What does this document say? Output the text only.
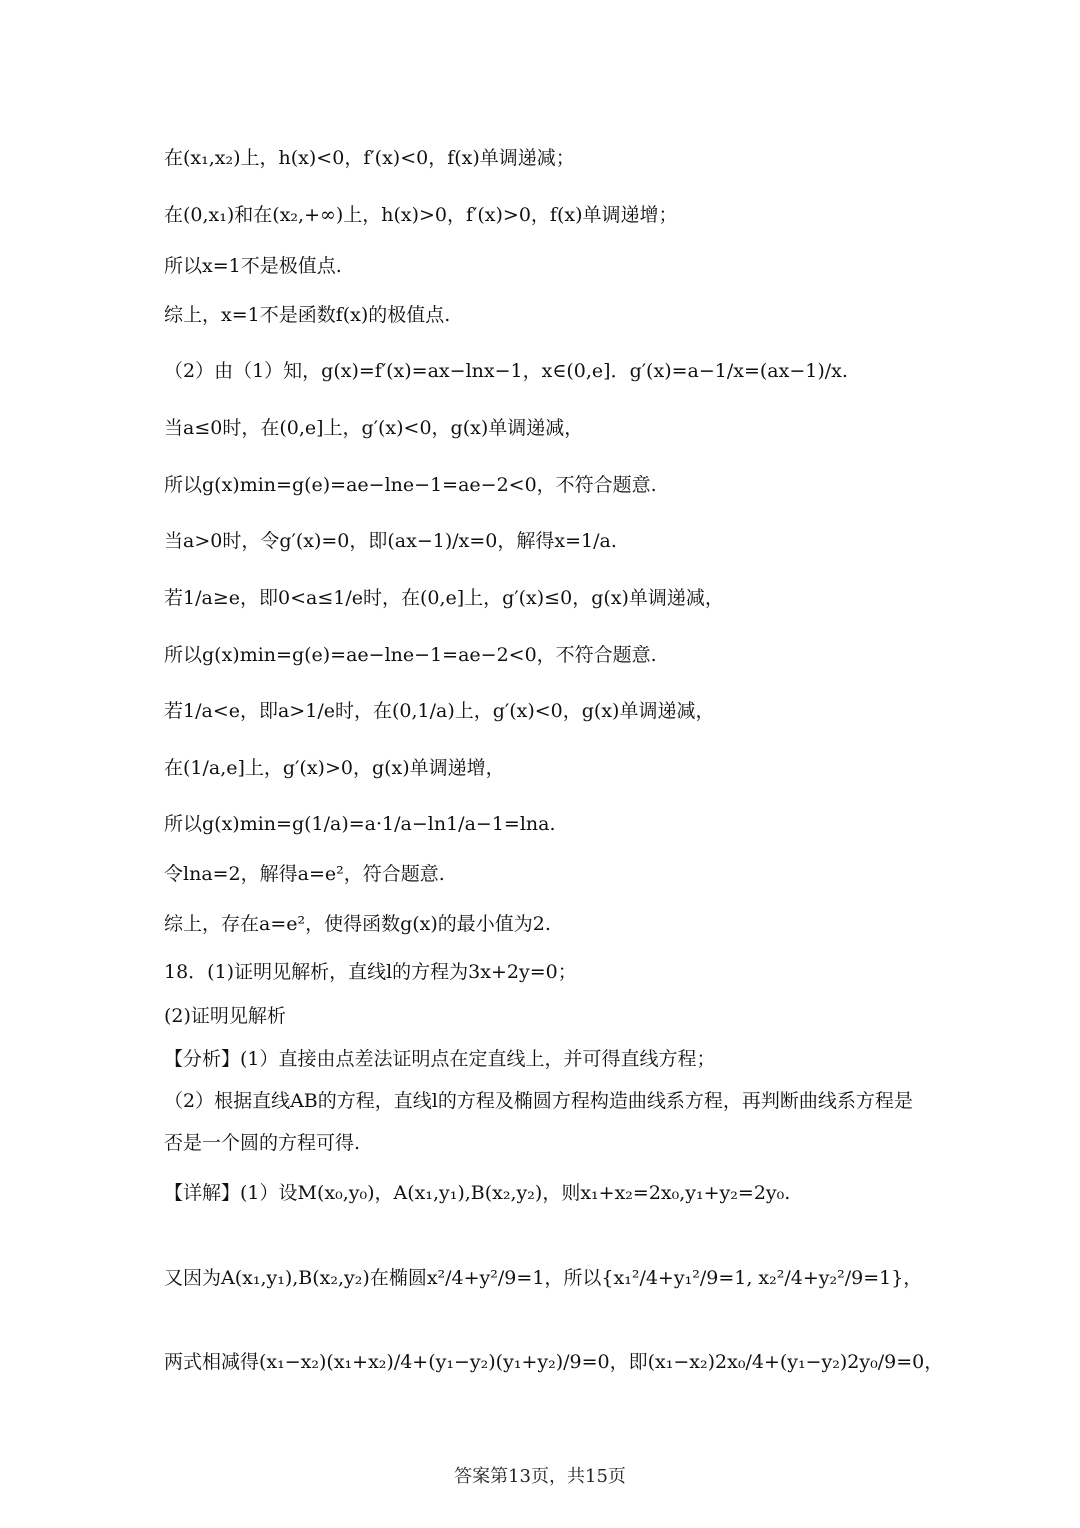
在(x₁,x₂)上，h(x)<0，f′(x)<0，f(x)单调递减；
在(0,x₁)和在(x₂,+∞)上，h(x)>0，f′(x)>0，f(x)单调递增；
所以x=1不是极值点.
综上，x=1不是函数f(x)的极值点.
（2）由（1）知，g(x)=f′(x)=ax−lnx−1，x∈(0,e]．g′(x)=a−1/x=(ax−1)/x.
当a≤0时，在(0,e]上，g′(x)<0，g(x)单调递减，
所以g(x)min=g(e)=ae−lne−1=ae−2<0，不符合题意.
当a>0时，令g′(x)=0，即(ax−1)/x=0，解得x=1/a.
若1/a≥e，即0<a≤1/e时，在(0,e]上，g′(x)≤0，g(x)单调递减，
所以g(x)min=g(e)=ae−lne−1=ae−2<0，不符合题意.
若1/a<e，即a>1/e时，在(0,1/a)上，g′(x)<0，g(x)单调递减，
在(1/a,e]上，g′(x)>0，g(x)单调递增，
所以g(x)min=g(1/a)=a·1/a−ln1/a−1=lna.
令lna=2，解得a=e²，符合题意.
综上，存在a=e²，使得函数g(x)的最小值为2.
18．(1)证明见解析，直线l的方程为3x+2y=0；
(2)证明见解析
【分析】(1）直接由点差法证明点在定直线上，并可得直线方程；
（2）根据直线AB的方程，直线l的方程及椭圆方程构造曲线系方程，再判断曲线系方程是否是一个圆的方程可得.
【详解】(1）设M(x₀,y₀)，A(x₁,y₁),B(x₂,y₂)，则x₁+x₂=2x₀,y₁+y₂=2y₀.
又因为A(x₁,y₁),B(x₂,y₂)在椭圆x²/4+y²/9=1，所以{x₁²/4+y₁²/9=1, x₂²/4+y₂²/9=1}，
两式相减得(x₁−x₂)(x₁+x₂)/4+(y₁−y₂)(y₁+y₂)/9=0，即(x₁−x₂)2x₀/4+(y₁−y₂)2y₀/9=0，
答案第13页，共15页
